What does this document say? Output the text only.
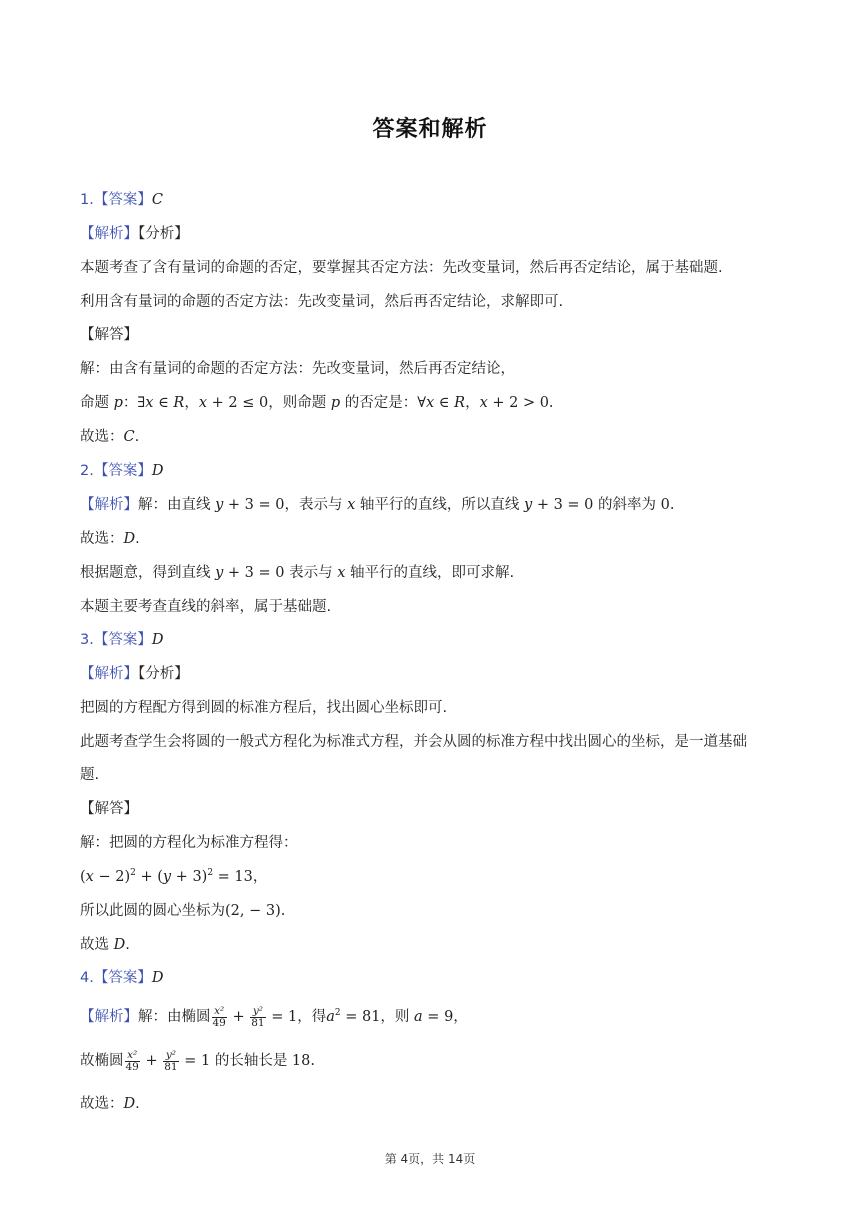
答案和解析
1.【答案】C
【解析】【分析】
本题考查了含有量词的命题的否定，要掌握其否定方法：先改变量词，然后再否定结论，属于基础题.
利用含有量词的命题的否定方法：先改变量词，然后再否定结论，求解即可.
【解答】
解：由含有量词的命题的否定方法：先改变量词，然后再否定结论，
命题 p：∃x ∈ R，x + 2 ≤ 0，则命题 p 的否定是：∀x ∈ R，x + 2 > 0.
故选：C.
2.【答案】D
【解析】解：由直线 y + 3 = 0，表示与 x 轴平行的直线，所以直线 y + 3 = 0 的斜率为 0.
故选：D.
根据题意，得到直线 y + 3 = 0 表示与 x 轴平行的直线，即可求解.
本题主要考查直线的斜率，属于基础题.
3.【答案】D
【解析】【分析】
把圆的方程配方得到圆的标准方程后，找出圆心坐标即可.
此题考查学生会将圆的一般式方程化为标准式方程，并会从圆的标准方程中找出圆心的坐标，是一道基础
题.
【解答】
解：把圆的方程化为标准方程得：
$(x - 2)^2 + (y + 3)^2 = 13$，
所以此圆的圆心坐标为(2, − 3).
故选 D.
4.【答案】D
【解析】解：由椭圆 $\frac{\text{x²}}{49} + \frac{\text{y²}}{81} = 1$，得$a^2 = 81$，则 a = 9，
故椭圆 $\frac{\text{x²}}{49} + \frac{\text{y²}}{81} = 1$ 的长轴长是 18.
故选：D.
第 4页，共 14页
